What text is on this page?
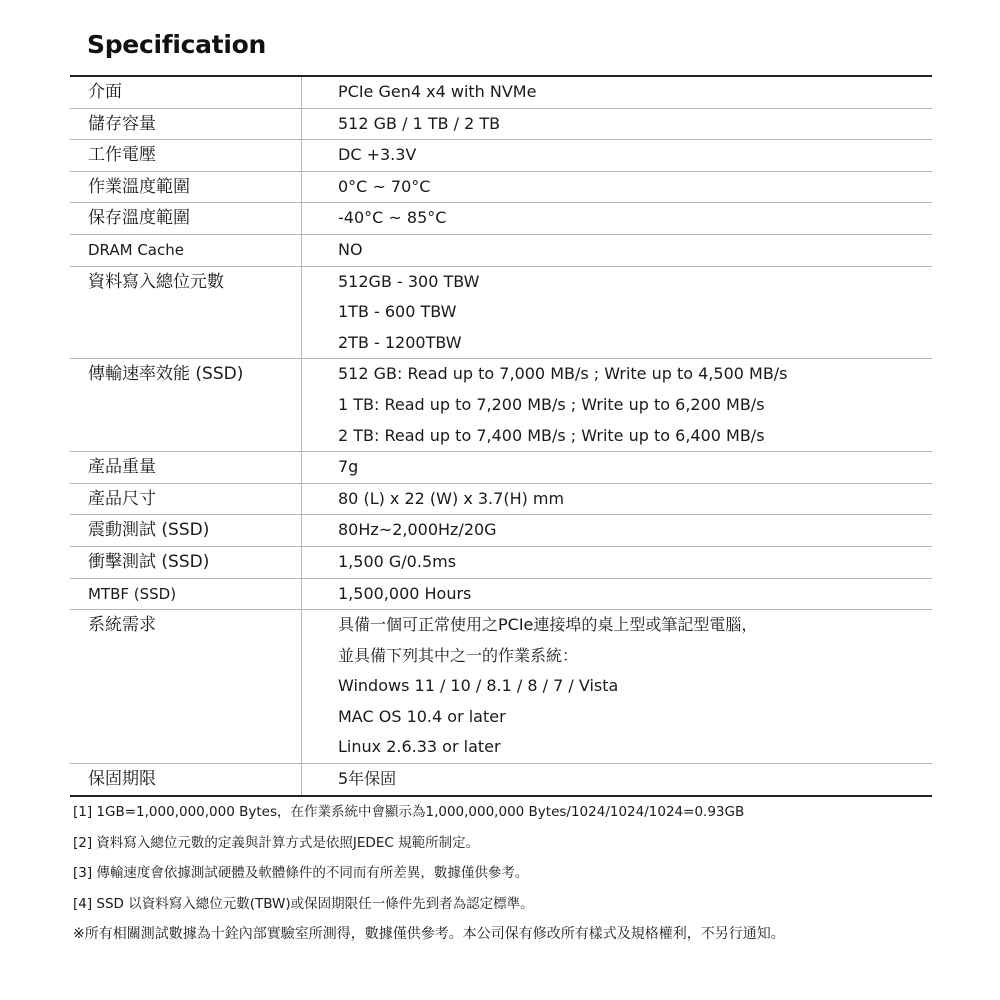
Specification
介面	PCIe Gen4 x4 with NVMe
儲存容量	512 GB / 1 TB / 2 TB
工作電壓	DC +3.3V
作業溫度範圍	0°C ~ 70°C
保存溫度範圍	-40°C ~ 85°C
DRAM Cache	NO
資料寫入總位元數	512GB - 300 TBW
1TB - 600 TBW
2TB - 1200TBW
傳輸速率效能 (SSD)	512 GB: Read up to 7,000 MB/s ; Write up to 4,500 MB/s
1 TB: Read up to 7,200 MB/s ; Write up to 6,200 MB/s
2 TB: Read up to 7,400 MB/s ; Write up to 6,400 MB/s
產品重量	7g
產品尺寸	80 (L) x 22 (W) x 3.7(H) mm
震動測試 (SSD)	80Hz~2,000Hz/20G
衝擊測試 (SSD)	1,500 G/0.5ms
MTBF (SSD)	1,500,000 Hours
系統需求	具備一個可正常使用之PCIe連接埠的桌上型或筆記型電腦，
並具備下列其中之一的作業系統：
Windows 11 / 10 / 8.1 / 8 / 7 / Vista
MAC OS 10.4 or later
Linux 2.6.33 or later
保固期限	5年保固
[1] 1GB=1,000,000,000 Bytes，在作業系統中會顯示為1,000,000,000 Bytes/1024/1024/1024=0.93GB
[2] 資料寫入總位元數的定義與計算方式是依照JEDEC 規範所制定。
[3] 傳輸速度會依據測試硬體及軟體條件的不同而有所差異，數據僅供參考。
[4] SSD 以資料寫入總位元數(TBW)或保固期限任一條件先到者為認定標準。
※所有相關測試數據為十銓內部實驗室所測得，數據僅供參考。本公司保有修改所有樣式及規格權利，不另行通知。
